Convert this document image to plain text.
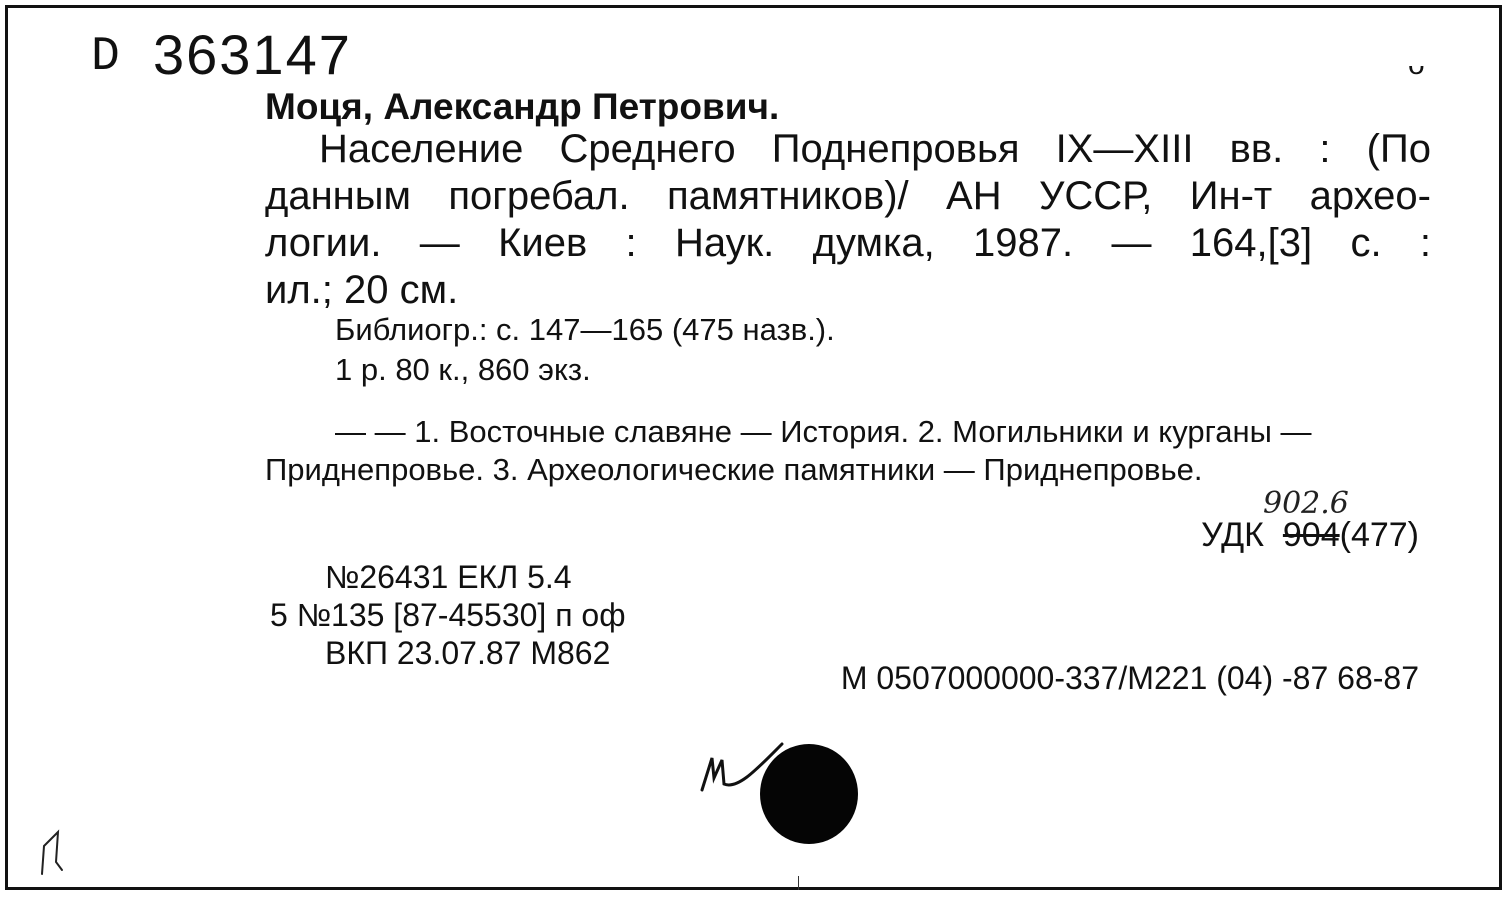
D 363147	ᴗ
Моця, Александр Петрович.
Население Среднего Поднепровья IX—XIII вв. : (По
данным погребал. памятников)/ АН УССР, Ин-т архео-
логии. — Киев : Наук. думка, 1987. — 164,[3] с. :
ил.; 20 см.
Библиогр.: с. 147—165 (475 назв.).
1 р. 80 к., 860 экз.
— — 1. Восточные славяне — История. 2. Могильники и курганы — Приднепровье. 3. Археологические памятники — Приднепровье.
902.6
УДК 904(477)
№26431 ЕКЛ 5.4
5 №135 [87-45530] п оф
ВКП 23.07.87 М862
М 0507000000-337/М221 (04) -87 68-87
